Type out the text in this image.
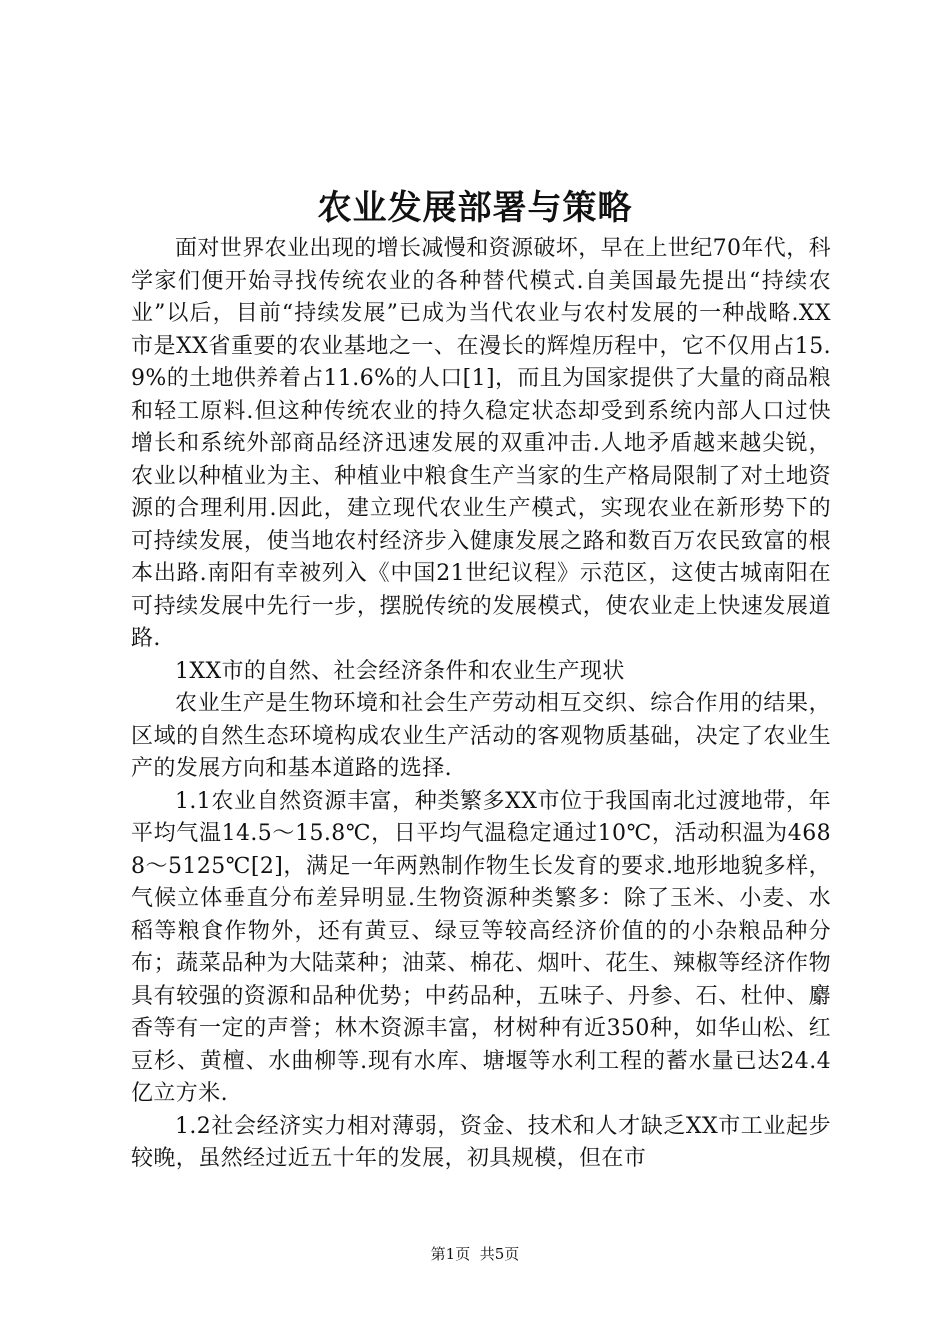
农业发展部署与策略

面对世界农业出现的增长减慢和资源破坏，早在上世纪70年代，科学家们便开始寻找传统农业的各种替代模式.自美国最先提出“持续农业”以后，目前“持续发展”已成为当代农业与农村发展的一种战略.XX市是XX省重要的农业基地之一、在漫长的辉煌历程中，它不仅用占15.9%的土地供养着占11.6%的人口[1]，而且为国家提供了大量的商品粮和轻工原料.但这种传统农业的持久稳定状态却受到系统内部人口过快增长和系统外部商品经济迅速发展的双重冲击.人地矛盾越来越尖锐，农业以种植业为主、种植业中粮食生产当家的生产格局限制了对土地资源的合理利用.因此，建立现代农业生产模式，实现农业在新形势下的可持续发展，使当地农村经济步入健康发展之路和数百万农民致富的根本出路.南阳有幸被列入《中国21世纪议程》示范区，这使古城南阳在可持续发展中先行一步，摆脱传统的发展模式，使农业走上快速发展道路.

1XX市的自然、社会经济条件和农业生产现状

农业生产是生物环境和社会生产劳动相互交织、综合作用的结果，区域的自然生态环境构成农业生产活动的客观物质基础，决定了农业生产的发展方向和基本道路的选择.

1.1农业自然资源丰富，种类繁多XX市位于我国南北过渡地带，年平均气温14.5～15.8℃，日平均气温稳定通过10℃，活动积温为4688～5125℃[2]，满足一年两熟制作物生长发育的要求.地形地貌多样，气候立体垂直分布差异明显.生物资源种类繁多：除了玉米、小麦、水稻等粮食作物外，还有黄豆、绿豆等较高经济价值的的小杂粮品种分布；蔬菜品种为大陆菜种；油菜、棉花、烟叶、花生、辣椒等经济作物具有较强的资源和品种优势；中药品种，五味子、丹参、石、杜仲、麝香等有一定的声誉；林木资源丰富，材树种有近350种，如华山松、红豆杉、黄檀、水曲柳等.现有水库、塘堰等水利工程的蓄水量已达24.4亿立方米.

1.2社会经济实力相对薄弱，资金、技术和人才缺乏XX市工业起步较晚，虽然经过近五十年的发展，初具规模，但在市

第1页 共5页
